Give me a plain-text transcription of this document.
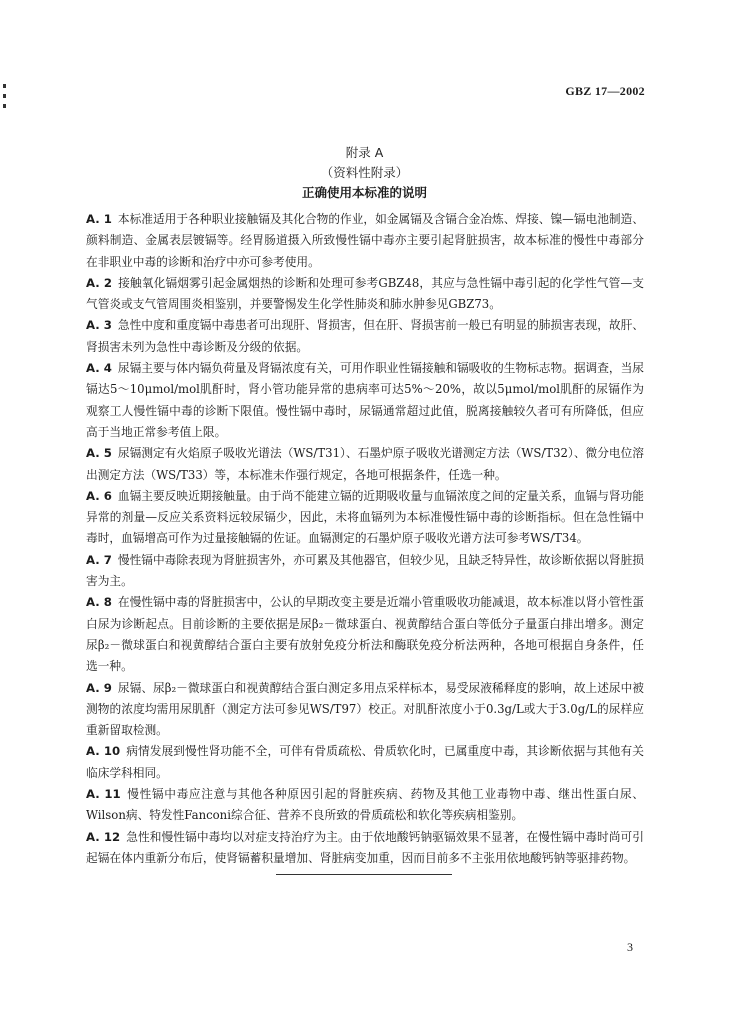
GBZ 17—2002
附录 A
（资料性附录）
正确使用本标准的说明

A. 1 本标准适用于各种职业接触镉及其化合物的作业，如金属镉及含镉合金冶炼、焊接、镍—镉电池制造、颜料制造、金属表层镀镉等。经胃肠道摄入所致慢性镉中毒亦主要引起肾脏损害，故本标准的慢性中毒部分在非职业中毒的诊断和治疗中亦可参考使用。

A. 2 接触氧化镉烟雾引起金属烟热的诊断和处理可参考GBZ48，其应与急性镉中毒引起的化学性气管—支气管炎或支气管周围炎相鉴别，并要警惕发生化学性肺炎和肺水肿参见GBZ73。

A. 3 急性中度和重度镉中毒患者可出现肝、肾损害，但在肝、肾损害前一般已有明显的肺损害表现，故肝、肾损害未列为急性中毒诊断及分级的依据。

A. 4 尿镉主要与体内镉负荷量及肾镉浓度有关，可用作职业性镉接触和镉吸收的生物标志物。据调查，当尿镉达5～10μmol/mol肌酐时，肾小管功能异常的患病率可达5%～20%，故以5μmol/mol肌酐的尿镉作为观察工人慢性镉中毒的诊断下限值。慢性镉中毒时，尿镉通常超过此值，脱离接触较久者可有所降低，但应高于当地正常参考值上限。

A. 5 尿镉测定有火焰原子吸收光谱法（WS/T31）、石墨炉原子吸收光谱测定方法（WS/T32）、微分电位溶出测定方法（WS/T33）等，本标准未作强行规定，各地可根据条件，任选一种。

A. 6 血镉主要反映近期接触量。由于尚不能建立镉的近期吸收量与血镉浓度之间的定量关系，血镉与肾功能异常的剂量—反应关系资料远较尿镉少，因此，未将血镉列为本标准慢性镉中毒的诊断指标。但在急性镉中毒时，血镉增高可作为过量接触镉的佐证。血镉测定的石墨炉原子吸收光谱方法可参考WS/T34。

A. 7 慢性镉中毒除表现为肾脏损害外，亦可累及其他器官，但较少见，且缺乏特异性，故诊断依据以肾脏损害为主。

A. 8 在慢性镉中毒的肾脏损害中，公认的早期改变主要是近端小管重吸收功能减退，故本标准以肾小管性蛋白尿为诊断起点。目前诊断的主要依据是尿β₂－微球蛋白、视黄醇结合蛋白等低分子量蛋白排出增多。测定尿β₂－微球蛋白和视黄醇结合蛋白主要有放射免疫分析法和酶联免疫分析法两种，各地可根据自身条件，任选一种。

A. 9 尿镉、尿β₂－微球蛋白和视黄醇结合蛋白测定多用点采样标本，易受尿液稀释度的影响，故上述尿中被测物的浓度均需用尿肌酐（测定方法可参见WS/T97）校正。对肌酐浓度小于0.3g/L或大于3.0g/L的尿样应重新留取检测。

A. 10 病情发展到慢性肾功能不全，可伴有骨质疏松、骨质软化时，已属重度中毒，其诊断依据与其他有关临床学科相同。

A. 11 慢性镉中毒应注意与其他各种原因引起的肾脏疾病、药物及其他工业毒物中毒、继出性蛋白尿、Wilson病、特发性Fanconi综合征、营养不良所致的骨质疏松和软化等疾病相鉴别。

A. 12 急性和慢性镉中毒均以对症支持治疗为主。由于依地酸钙钠驱镉效果不显著，在慢性镉中毒时尚可引起镉在体内重新分布后，使肾镉蓄积量增加、肾脏病变加重，因而目前多不主张用依地酸钙钠等驱排药物。

3
